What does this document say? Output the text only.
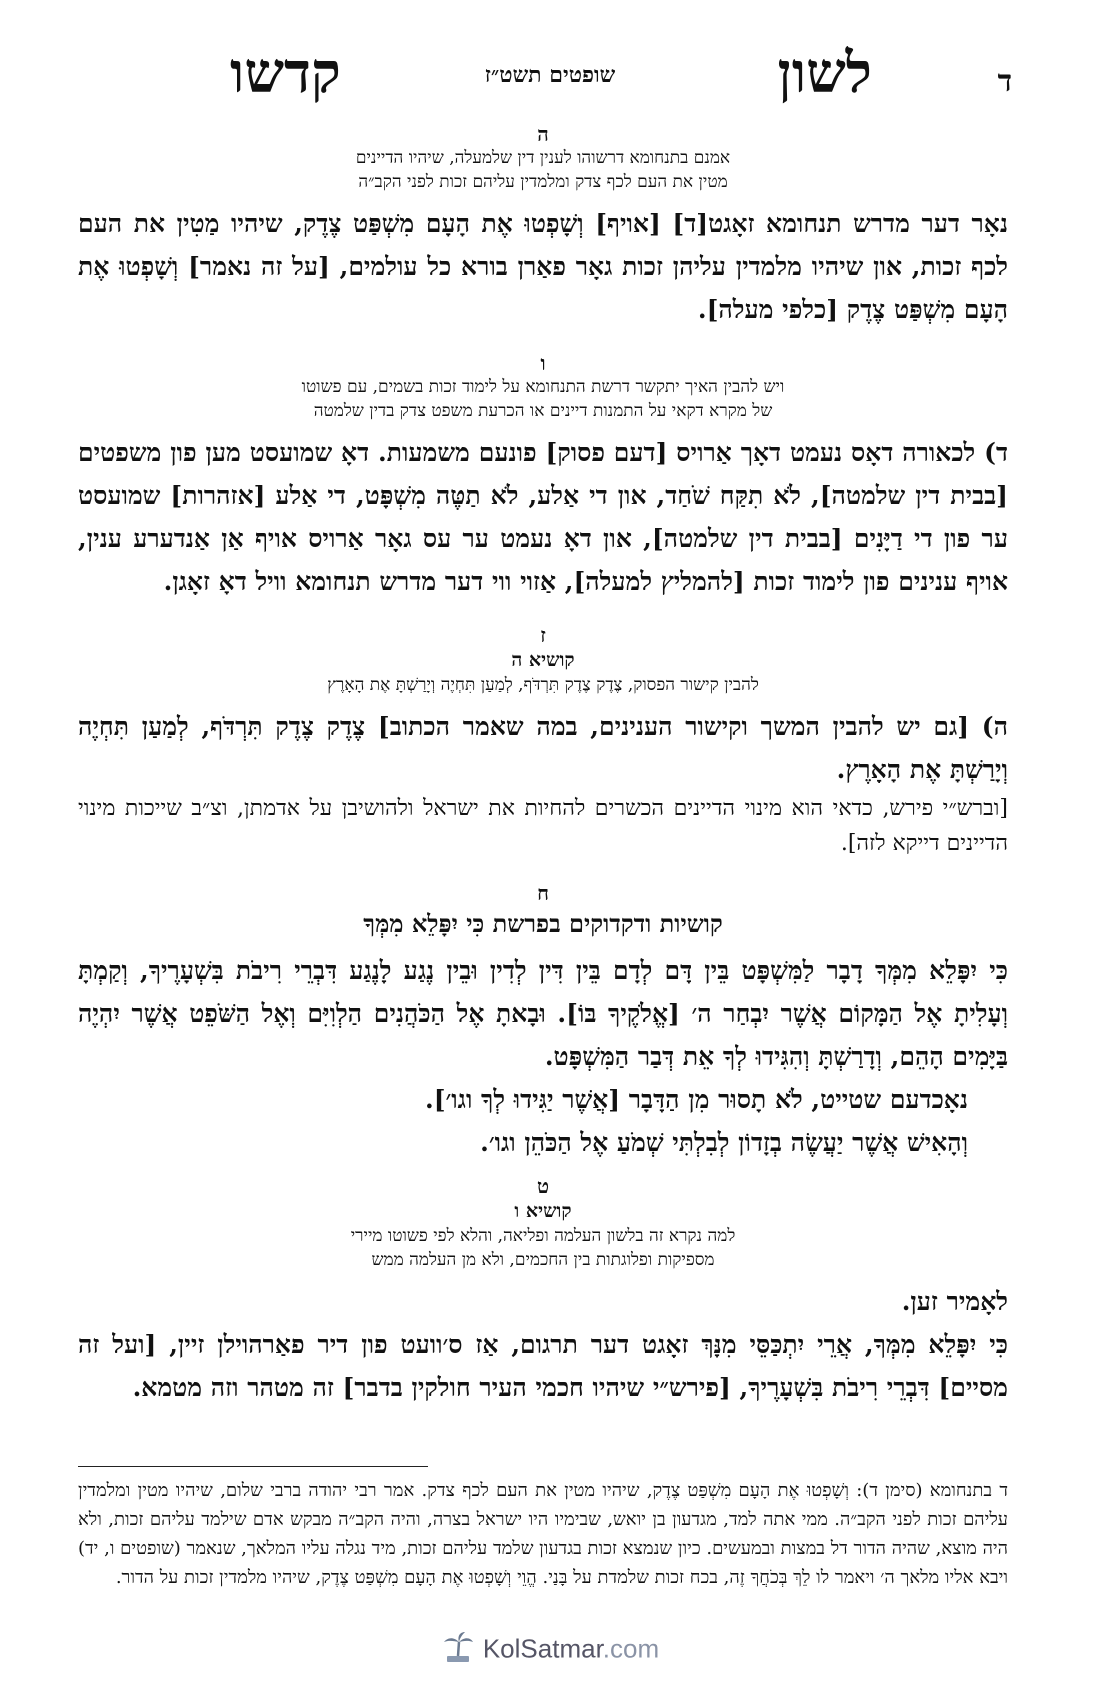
ד
לשון
שופטים תשט״ז
קדשו
ה
אמנם בתנחומא דרשוהו לענין דין שלמעלה, שיהיו הדיינים
מטין את העם לכף צדק ומלמדין עליהם זכות לפני הקב״ה

נאָר דער מדרש תנחומא זאָגט[ד] [אויף] וְשָׁפְטוּ אֶת הָעָם מִשְׁפַּט צֶדֶק, שיהיו מַטִין את העם לכף זכות, און שיהיו מלמדין עליהן זכות גאָר פאַרן בורא כל עולמים, [על זה נאמר] וְשָׁפְטוּ אֶת הָעָם מִשְׁפַּט צֶדֶק [כלפי מעלה].

ו
ויש להבין האיך יתקשר דרשת התנחומא על לימוד זכות בשמים, עם פשוטו
של מקרא דקאי על התמנות דיינים או הכרעת משפט צדק בדין שלמטה

ד) לכאורה דאָס נעמט דאָך אַרויס [דעם פסוק] פונעם משמעות. דאָ שמועסט מען פון משפטים [בבית דין שלמטה], לֹא תִקַּח שֹׁחַד, און די אַלע, לֹא תַטֶּה מִשְׁפָּט, די אַלע [אזהרות] שמועסט ער פון די דַיָּנִים [בבית דין שלמטה], און דאָ נעמט ער עס גאָר אַרויס אויף אַן אַנדערע ענין, אויף ענינים פון לימוד זכות [להמליץ למעלה], אַזוי ווי דער מדרש תנחומא וויל דאָ זאָגן.

ז
קושיא ה
להבין קישור הפסוק, צֶדֶק צֶדֶק תִּרְדֹּף, לְמַעַן תִּחְיֶה וְיָרַשְׁתָּ אֶת הָאָרֶץ

ה) [גם יש להבין המשך וקישור הענינים, במה שאמר הכתוב] צֶדֶק צֶדֶק תִּרְדֹּף, לְמַעַן תִּחְיֶה וְיָרַשְׁתָּ אֶת הָאָרֶץ.

[וברש״י פירש, כדאי הוא מינוי הדיינים הכשרים להחיות את ישראל ולהושיבן על אדמתן, וצ״ב שייכות מינוי הדיינים דייקא לזה].

ח
קושיות ודקדוקים בפרשת כִּי יִפָּלֵא מִמְּךָ

כִּי יִפָּלֵא מִמְּךָ דָבָר לַמִּשְׁפָּט בֵּין דָּם לְדָם בֵּין דִּין לְדִין וּבֵין נֶגַע לָנֶגַע דִּבְרֵי רִיבֹת בִּשְׁעָרֶיךָ, וְקַמְתָּ וְעָלִיתָ אֶל הַמָּקוֹם אֲשֶׁר יִבְחַר ה׳ [אֱלֹקֶיךָ בּוֹ]. וּבָאתָ אֶל הַכֹּהֲנִים הַלְוִיִּם וְאֶל הַשֹּׁפֵט אֲשֶׁר יִהְיֶה בַּיָּמִים הָהֵם, וְדָרַשְׁתָּ וְהִגִּידוּ לְךָ אֵת דְּבַר הַמִּשְׁפָּט.

נאָכדעם שטייט, לֹא תָסוּר מִן הַדָּבָר [אֲשֶׁר יַגִּידוּ לְךָ וגו׳].

וְהָאִישׁ אֲשֶׁר יַעֲשֶׂה בְזָדוֹן לְבִלְתִּי שְׁמֹעַ אֶל הַכֹּהֵן וגו׳.

ט
קושיא ו
למה נקרא זה בלשון העלמה ופליאה, והלא לפי פשוטו מיירי
מספיקות ופלוגתות בין החכמים, ולא מן העלמה ממש

לאָמיר זען.

כִּי יִפָּלֵא מִמְּךָ, אֲרֵי יִתְכַּסֵּי מִנָּךְ זאָגט דער תרגום, אַז ס׳וועט פון דיר פאַרהוילן זיין, [ועל זה מסיים] דִּבְרֵי רִיבֹת בִּשְׁעָרֶיךָ, [פירש״י שיהיו חכמי העיר חולקין בדבר] זה מטהר וזה מטמא.

ד בתנחומא (סימן ד): וְשָׁפְטוּ אֶת הָעָם מִשְׁפַּט צֶדֶק, שיהיו מטין את העם לכף צדק. אמר רבי יהודה ברבי שלום, שיהיו מטין ומלמדין עליהם זכות לפני הקב״ה. ממי אתה למד, מגדעון בן יואש, שבימיו היו ישראל בצרה, והיה הקב״ה מבקש אדם שילמד עליהם זכות, ולא היה מוצא, שהיה הדור דל במצות ובמעשים. כיון שנמצא זכות בגדעון שלמד עליהם זכות, מיד נגלה עליו המלאך, שנאמר (שופטים ו, יד) ויבא אליו מלאך ה׳ ויאמר לו לֵךְ בְּכֹחֲךָ זֶה, בכח זכות שלמדת על בָּנַי. הֱוֵי וְשָׁפְטוּ אֶת הָעָם מִשְׁפַּט צֶדֶק, שיהיו מלמדין זכות על הדור.
KolSatmar.com
